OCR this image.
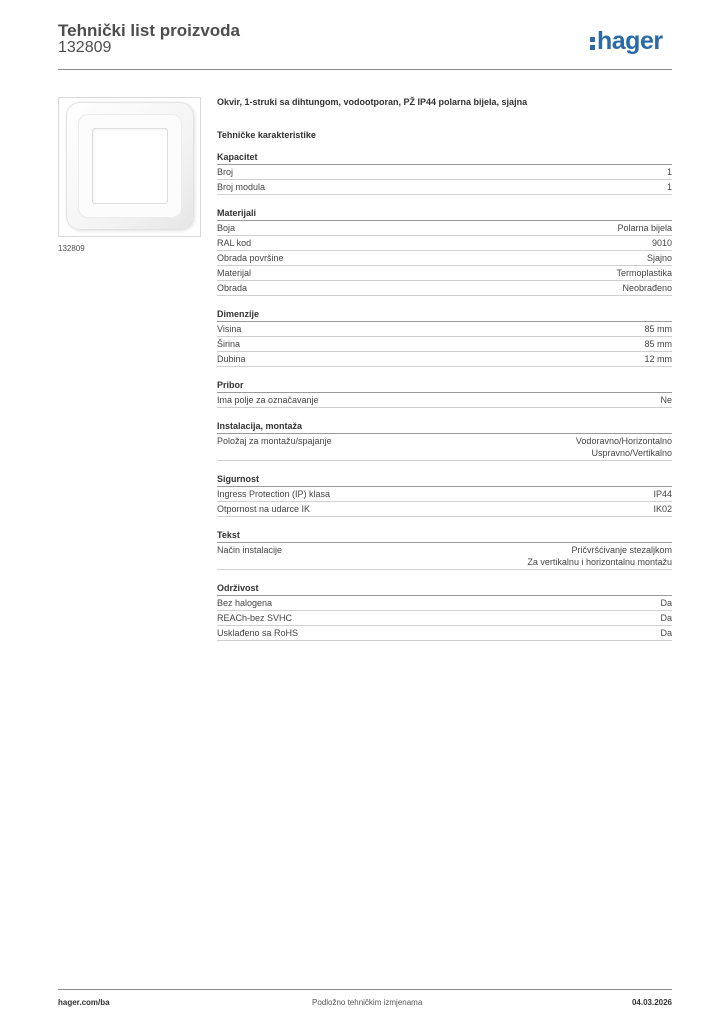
Tehnički list proizvoda
132809	hager
132809
Okvir, 1-struki sa dihtungom, vodootporan, PŽ IP44 polarna bijela, sjajna
Tehničke karakteristike
Kapacitet
Broj	1
Broj modula	1
Materijali
Boja	Polarna bijela
RAL kod	9010
Obrada površine	Sjajno
Materijal	Termoplastika
Obrada	Neobrađeno
Dimenzije
Visina	85 mm
Širina	85 mm
Dubina	12 mm
Pribor
Ima polje za označavanje	Ne
Instalacija, montaža
Položaj za montažu/spajanje	Vodoravno/Horizontalno
Uspravno/Vertikalno
Sigurnost
Ingress Protection (IP) klasa	IP44
Otpornost na udarce IK	IK02
Tekst
Način instalacije	Pričvršćivanje stezaljkom
Za vertikalnu i horizontalnu montažu
Održivost
Bez halogena	Da
REACh-bez SVHC	Da
Usklađeno sa RoHS	Da
hager.com/ba	Podložno tehničkim izmjenama	04.03.2026
